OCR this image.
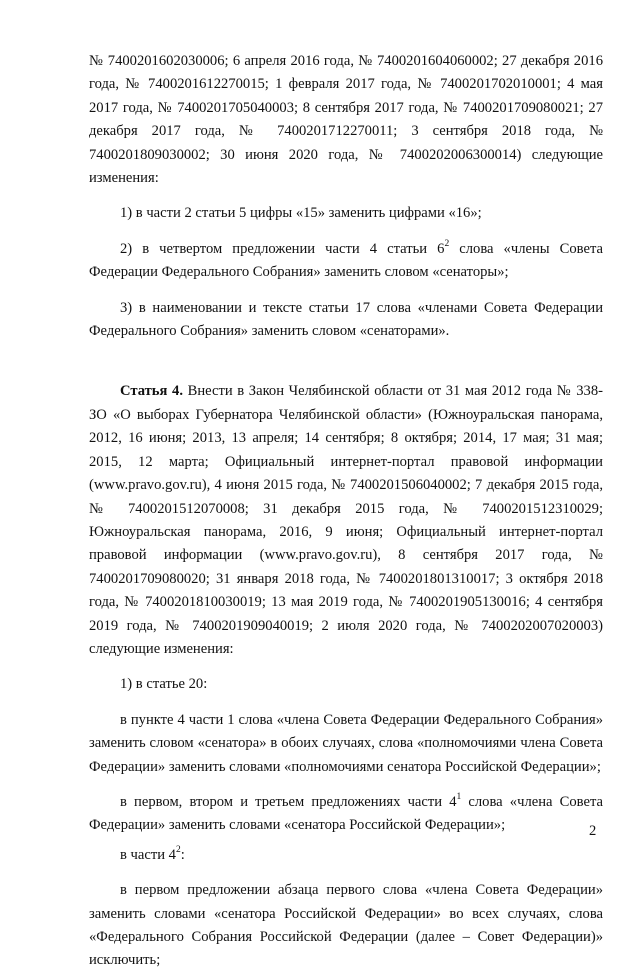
№ 7400201602030006; 6 апреля 2016 года, № 7400201604060002; 27 декабря 2016 года, № 7400201612270015; 1 февраля 2017 года, № 7400201702010001; 4 мая 2017 года, № 7400201705040003; 8 сентября 2017 года, № 7400201709080021; 27 декабря 2017 года, № 7400201712270011; 3 сентября 2018 года, № 7400201809030002; 30 июня 2020 года, № 7400202006300014) следующие изменения:

1) в части 2 статьи 5 цифры «15» заменить цифрами «16»;

2) в четвертом предложении части 4 статьи $6^2$ слова «члены Совета Федерации Федерального Собрания» заменить словом «сенаторы»;

3) в наименовании и тексте статьи 17 слова «членами Совета Федерации Федерального Собрания» заменить словом «сенаторами».

Статья 4. Внести в Закон Челябинской области от 31 мая 2012 года № 338-ЗО «О выборах Губернатора Челябинской области» (Южноуральская панорама, 2012, 16 июня; 2013, 13 апреля; 14 сентября; 8 октября; 2014, 17 мая; 31 мая; 2015, 12 марта; Официальный интернет-портал правовой информации (www.pravo.gov.ru), 4 июня 2015 года, № 7400201506040002; 7 декабря 2015 года, № 7400201512070008; 31 декабря 2015 года, № 7400201512310029; Южноуральская панорама, 2016, 9 июня; Официальный интернет-портал правовой информации (www.pravo.gov.ru), 8 сентября 2017 года, № 7400201709080020; 31 января 2018 года, № 7400201801310017; 3 октября 2018 года, № 7400201810030019; 13 мая 2019 года, № 7400201905130016; 4 сентября 2019 года, № 7400201909040019; 2 июля 2020 года, № 7400202007020003) следующие изменения:

1) в статье 20:

в пункте 4 части 1 слова «члена Совета Федерации Федерального Собрания» заменить словом «сенатора» в обоих случаях, слова «полномочиями члена Совета Федерации» заменить словами «полномочиями сенатора Российской Федерации»;

в первом, втором и третьем предложениях части $4^1$ слова «члена Совета Федерации» заменить словами «сенатора Российской Федерации»;

в части $4^2$:

в первом предложении абзаца первого слова «члена Совета Федерации» заменить словами «сенатора Российской Федерации» во всех случаях, слова «Федерального Собрания Российской Федерации (далее – Совет Федерации)» исключить;

2
